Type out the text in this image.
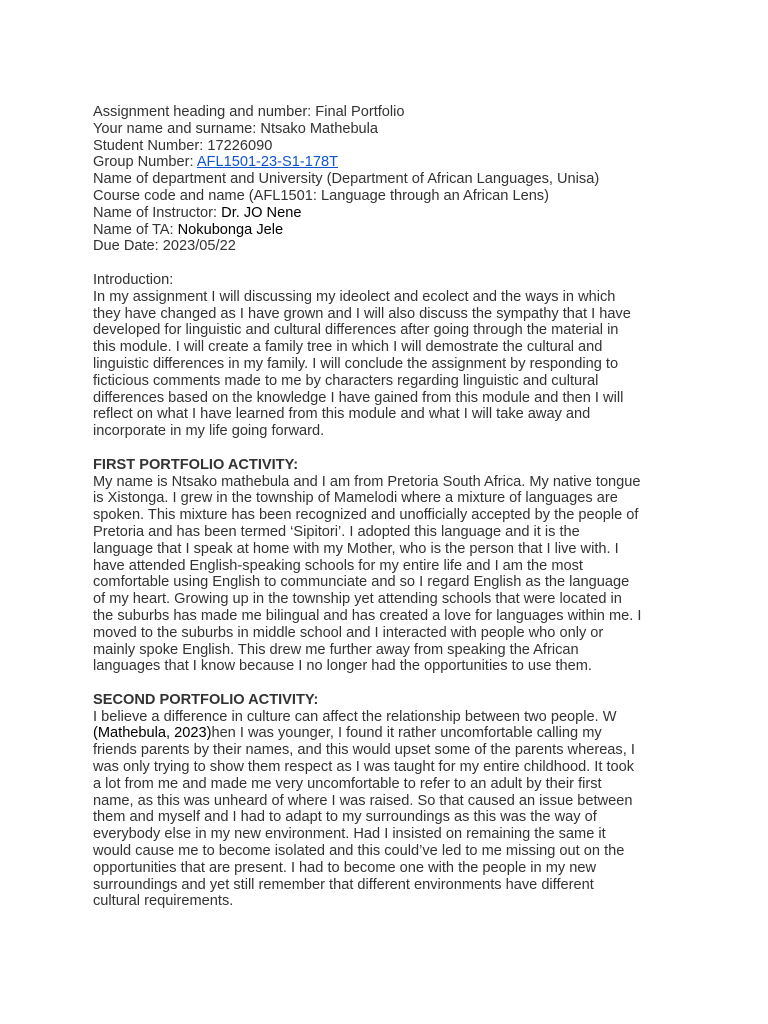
Assignment heading and number: Final Portfolio
Your name and surname: Ntsako Mathebula
Student Number: 17226090
Group Number: AFL1501-23-S1-178T
Name of department and University (Department of African Languages, Unisa)
Course code and name (AFL1501: Language through an African Lens)
Name of Instructor: Dr. JO Nene
Name of TA: Nokubonga Jele
Due Date: 2023/05/22
Introduction:
In my assignment I will discussing my ideolect and ecolect and the ways in which
they have changed as I have grown and I will also discuss the sympathy that I have
developed for linguistic and cultural differences after going through the material in
this module. I will create a family tree in which I will demostrate the cultural and
linguistic differences in my family. I will conclude the assignment by responding to
ficticious comments made to me by characters regarding linguistic and cultural
differences based on the knowledge I have gained from this module and then I will
reflect on what I have learned from this module and what I will take away and
incorporate in my life going forward.
FIRST PORTFOLIO ACTIVITY:
My name is Ntsako mathebula and I am from Pretoria South Africa. My native tongue
is Xistonga. I grew in the township of Mamelodi where a mixture of languages are
spoken. This mixture has been recognized and unofficially accepted by the people of
Pretoria and has been termed ‘Sipitori’. I adopted this language and it is the
language that I speak at home with my Mother, who is the person that I live with. I
have attended English-speaking schools for my entire life and I am the most
comfortable using English to communciate and so I regard English as the language
of my heart. Growing up in the township yet attending schools that were located in
the suburbs has made me bilingual and has created a love for languages within me. I
moved to the suburbs in middle school and I interacted with people who only or
mainly spoke English. This drew me further away from speaking the African
languages that I know because I no longer had the opportunities to use them.
SECOND PORTFOLIO ACTIVITY:
I believe a difference in culture can affect the relationship between two people. W
(Mathebula, 2023)hen I was younger, I found it rather uncomfortable calling my
friends parents by their names, and this would upset some of the parents whereas, I
was only trying to show them respect as I was taught for my entire childhood. It took
a lot from me and made me very uncomfortable to refer to an adult by their first
name, as this was unheard of where I was raised. So that caused an issue between
them and myself and I had to adapt to my surroundings as this was the way of
everybody else in my new environment. Had I insisted on remaining the same it
would cause me to become isolated and this could’ve led to me missing out on the
opportunities that are present. I had to become one with the people in my new
surroundings and yet still remember that different environments have different
cultural requirements.
